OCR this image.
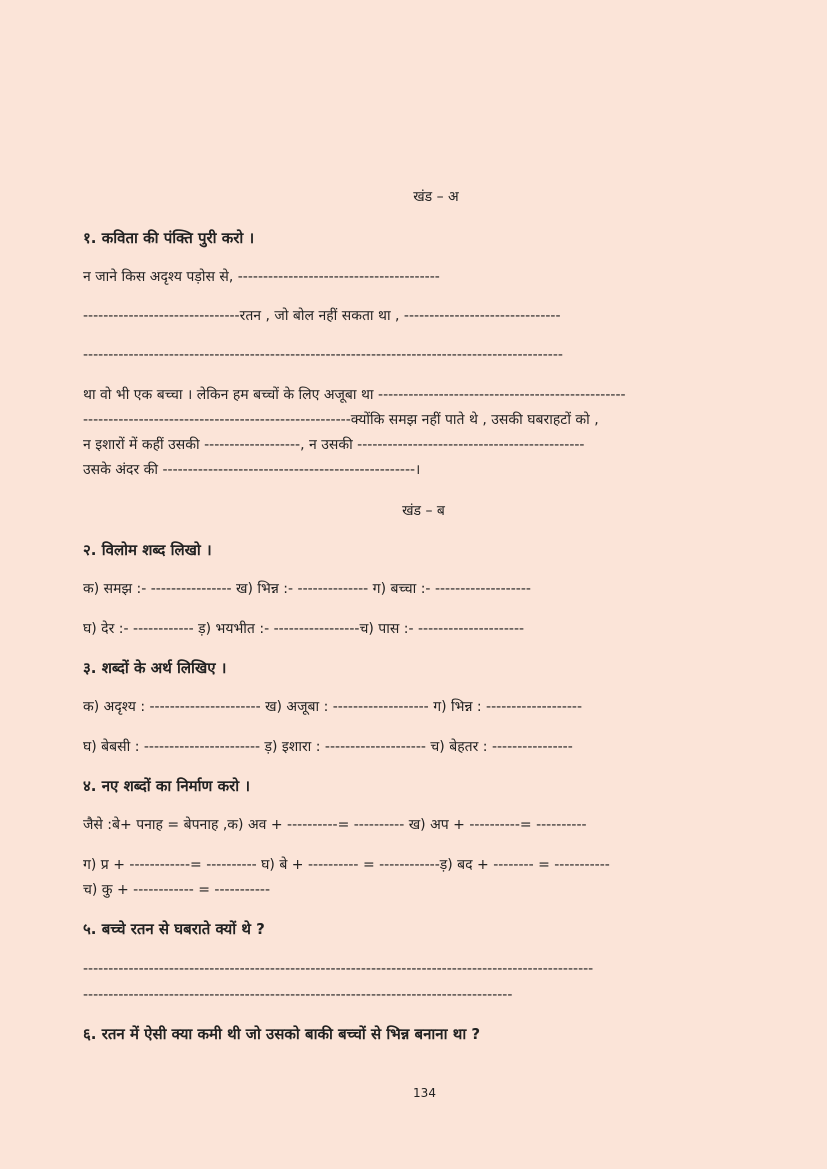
खंड – अ
१. कविता की पंक्ति पुरी करो ।
न जाने किस अदृश्य पड़ोस से, ----------------------------------------
-------------------------------रतन , जो बोल नहीं सकता था , -------------------------------
-----------------------------------------------------------------------------------------------
था वो भी एक बच्चा । लेकिन हम बच्चों के लिए अजूबा था -------------------------------------------------
-----------------------------------------------------क्योंकि समझ नहीं पाते थे , उसकी घबराहटों को ,
न इशारों में कहीं उसकी -------------------, न उसकी ---------------------------------------------
उसके अंदर की --------------------------------------------------।
खंड – ब
२. विलोम शब्द लिखो ।
क) समझ :- ---------------- ख) भिन्न :- -------------- ग) बच्चा :- -------------------
घ) देर :- ------------ ड़) भयभीत :- -----------------च) पास :- ---------------------
३. शब्दों के अर्थ लिखिए ।
क) अदृश्य : ---------------------- ख) अजूबा : ------------------- ग) भिन्न : -------------------
घ) बेबसी : ----------------------- ड़) इशारा : -------------------- च) बेहतर : ----------------
४. नए शब्दों का निर्माण करो ।
जैसे :बे+ पनाह = बेपनाह ,क) अव + ----------= ---------- ख) अप + ----------= ----------
ग) प्र + ------------= ---------- घ) बे + ---------- = ------------ड़) बद + -------- = -----------
च) कु + ------------ = -----------
५. बच्चे रतन से घबराते क्यों थे ?
-----------------------------------------------------------------------------------------------------
-------------------------------------------------------------------------------------
६. रतन में ऐसी क्या कमी थी जो उसको बाकी बच्चों से भिन्न बनाना था ?
134
